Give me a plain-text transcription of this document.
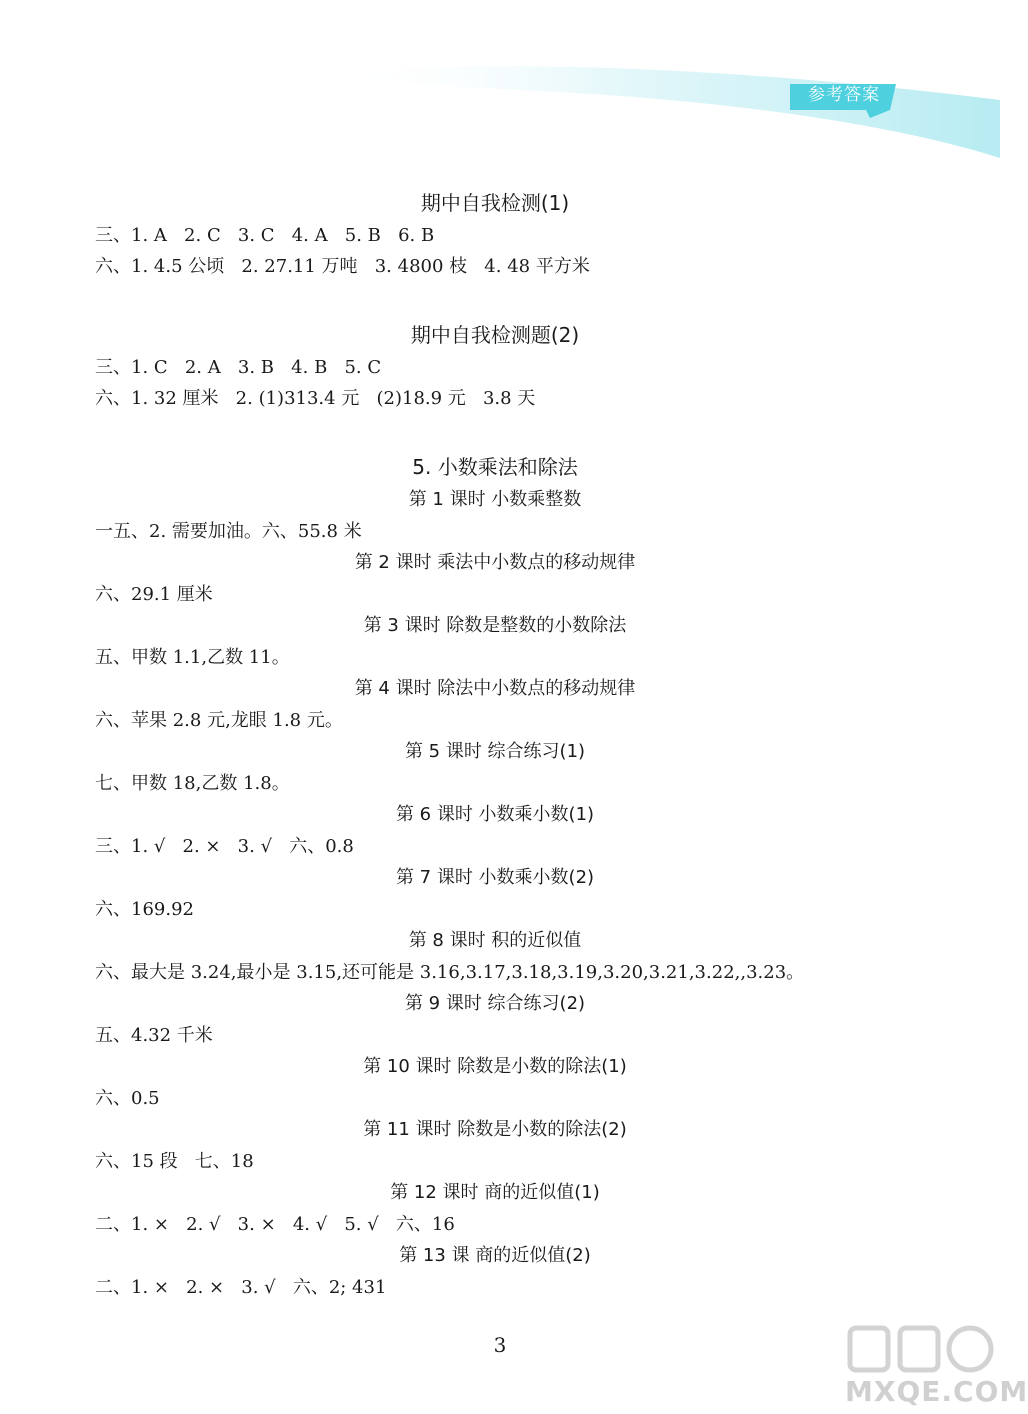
参考答案
期中自我检测(1)
三、1. A   2. C   3. C   4. A   5. B   6. B
六、1. 4.5 公顷   2. 27.11 万吨   3. 4800 枝   4. 48 平方米
期中自我检测题(2)
三、1. C   2. A   3. B   4. B   5. C
六、1. 32 厘米   2. (1)313.4 元   (2)18.9 元   3.8 天
5. 小数乘法和除法
第 1 课时 小数乘整数
一五、2. 需要加油。六、55.8 米
第 2 课时 乘法中小数点的移动规律
六、29.1 厘米
第 3 课时 除数是整数的小数除法
五、甲数 1.1,乙数 11。
第 4 课时 除法中小数点的移动规律
六、苹果 2.8 元,龙眼 1.8 元。
第 5 课时 综合练习(1)
七、甲数 18,乙数 1.8。
第 6 课时 小数乘小数(1)
三、1. √   2. ×   3. √   六、0.8
第 7 课时 小数乘小数(2)
六、169.92
第 8 课时 积的近似值
六、最大是 3.24,最小是 3.15,还可能是 3.16,3.17,3.18,3.19,3.20,3.21,3.22,,3.23。
第 9 课时 综合练习(2)
五、4.32 千米
第 10 课时 除数是小数的除法(1)
六、0.5
第 11 课时 除数是小数的除法(2)
六、15 段   七、18
第 12 课时 商的近似值(1)
二、1. ×   2. √   3. ×   4. √   5. √   六、16
第 13 课 商的近似值(2)
二、1. ×   2. ×   3. √   六、2; 431
3
MXQE.COM
